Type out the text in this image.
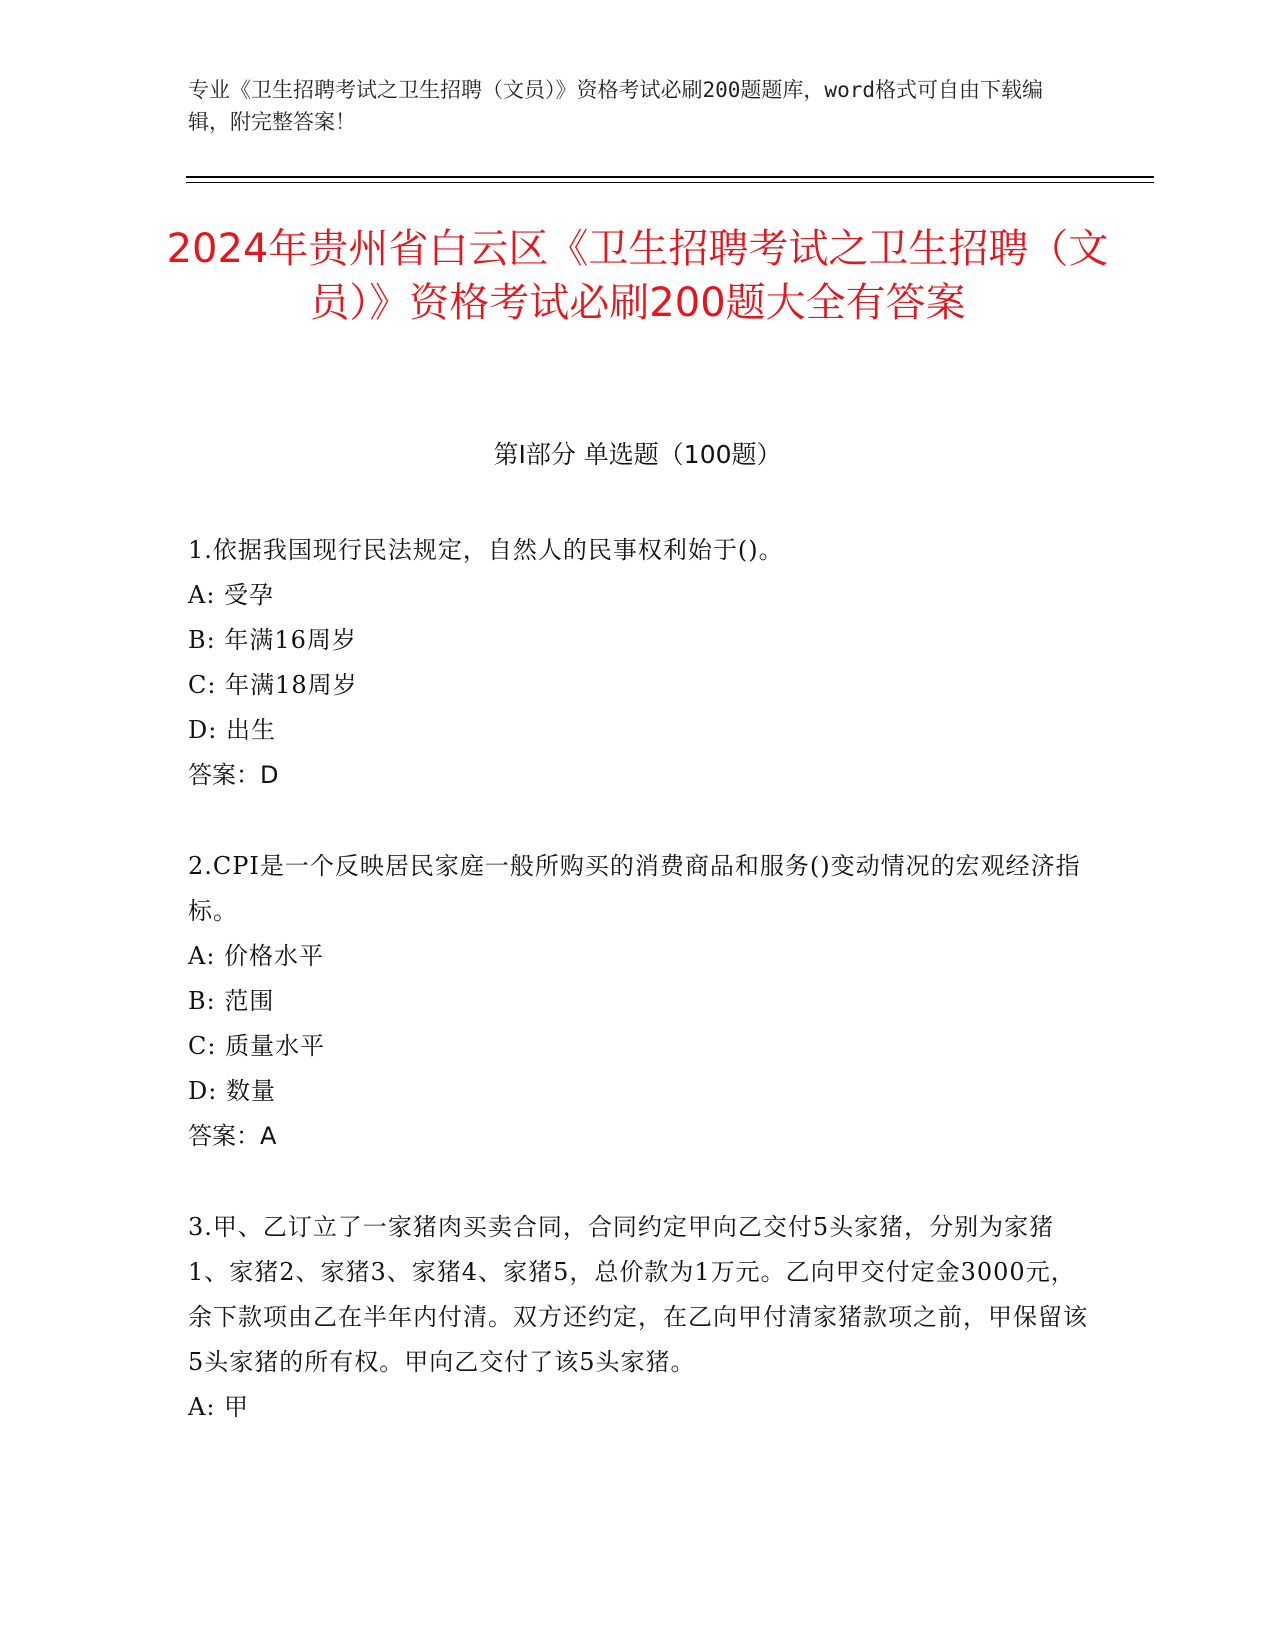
专业《卫生招聘考试之卫生招聘（文员）》资格考试必刷200题题库，word格式可自由下载编辑，附完整答案！
2024年贵州省白云区《卫生招聘考试之卫生招聘（文员）》资格考试必刷200题大全有答案
第I部分 单选题（100题）
1.依据我国现行民法规定，自然人的民事权利始于()。
A: 受孕
B: 年满16周岁
C: 年满18周岁
D: 出生
答案：D
2.CPI是一个反映居民家庭一般所购买的消费商品和服务()变动情况的宏观经济指标。
A: 价格水平
B: 范围
C: 质量水平
D: 数量
答案：A
3.甲、乙订立了一家猪肉买卖合同，合同约定甲向乙交付5头家猪，分别为家猪1、家猪2、家猪3、家猪4、家猪5，总价款为1万元。乙向甲交付定金3000元，余下款项由乙在半年内付清。双方还约定，在乙向甲付清家猪款项之前，甲保留该5头家猪的所有权。甲向乙交付了该5头家猪。
A: 甲
